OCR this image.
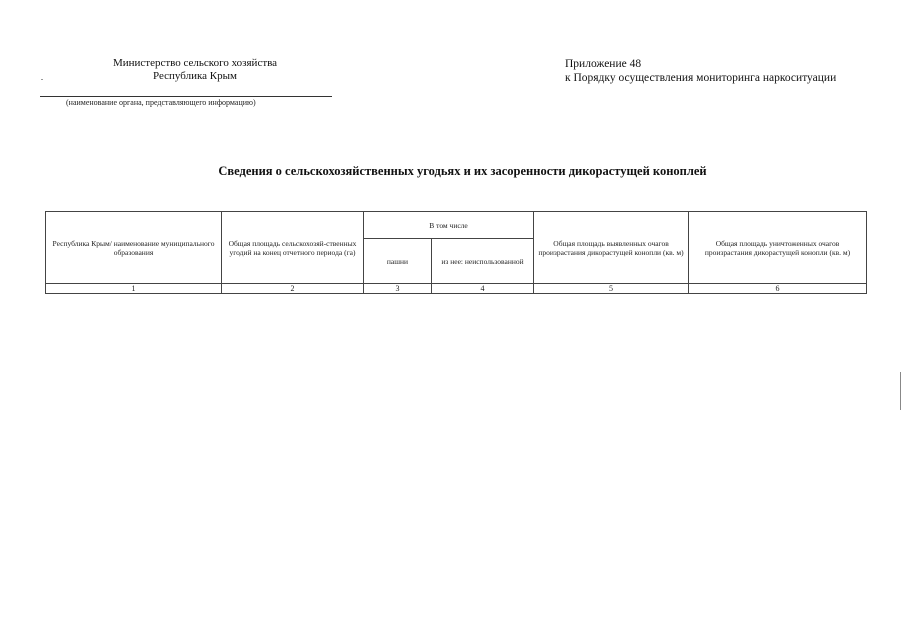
Министерство сельского хозяйства
Республика Крым
(наименование органа, представляющего информацию)
Приложение 48
к Порядку осуществления мониторинга наркоситуации
Сведения о сельскохозяйственных угодьях и их засоренности дикорастущей коноплей
Республика Крым/ наименование муниципального образования	Общая площадь сельскохозяй-ственных угодий на конец отчетного периода (га)	В том числе		Общая площадь выявленных очагов произрастания дикорастущей конопли (кв. м)	Общая площадь уничтоженных очагов произрастания дикорастущей конопли (кв. м)
		пашни	из нее: неиспользованной		
1	2	3	4	5	6
